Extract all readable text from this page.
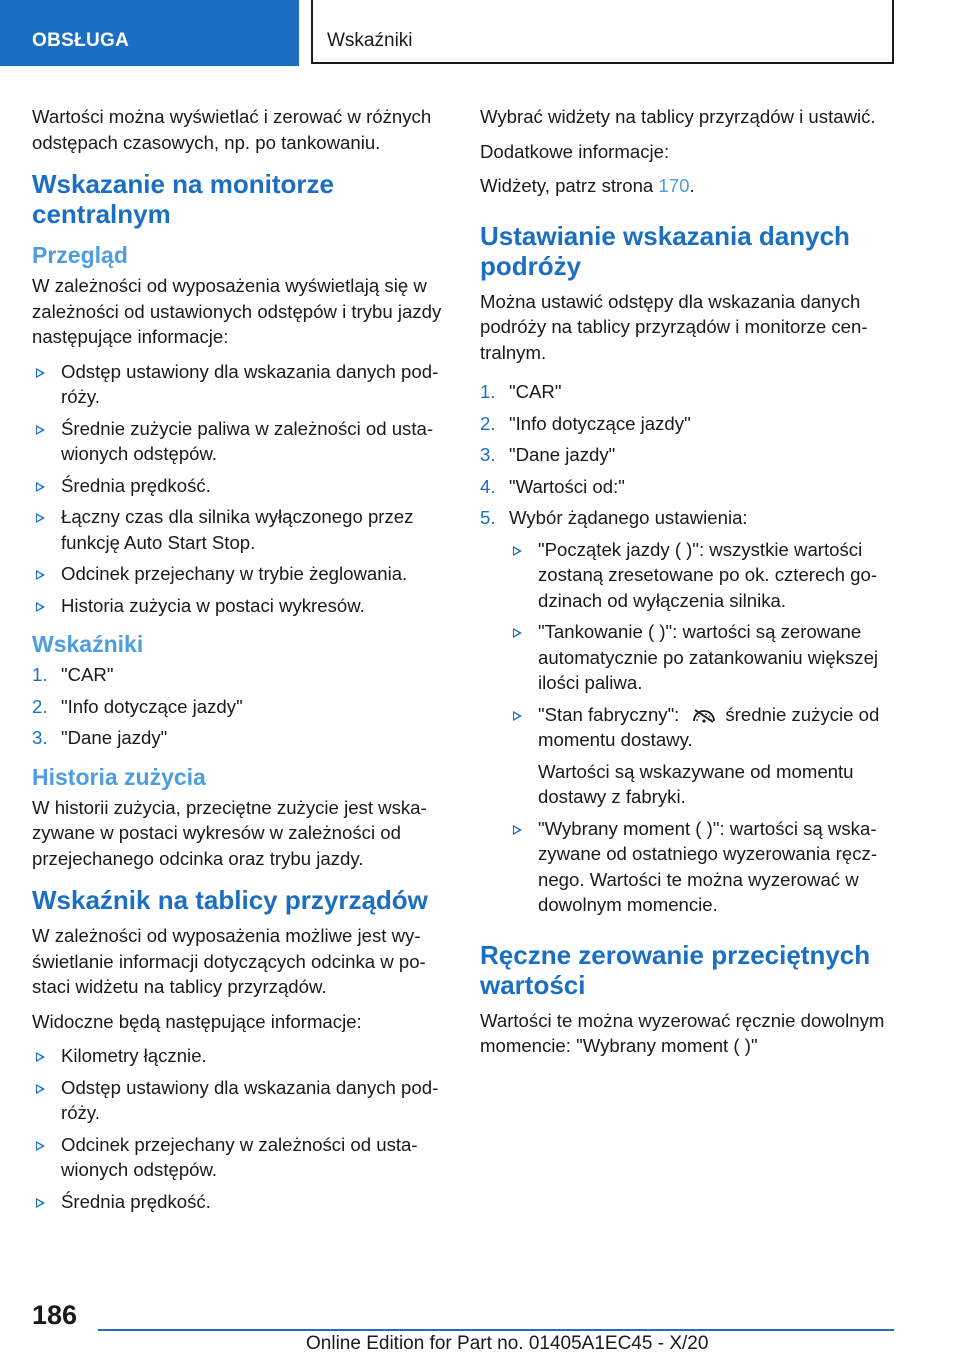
OBSŁUGA	Wskaźniki

Wartości można wyświetlać i zerować w różnych odstępach czasowych, np. po tankowaniu.

Wskazanie na monitorze centralnym
Przegląd

W zależności od wyposażenia wyświetlają się w zależności od ustawionych odstępów i trybu jazdy następujące informacje:

Odstęp ustawiony dla wskazania danych podróży.
Średnie zużycie paliwa w zależności od ustawionych odstępów.
Średnia prędkość.
Łączny czas dla silnika wyłączonego przez funkcję Auto Start Stop.
Odcinek przejechany w trybie żeglowania.
Historia zużycia w postaci wykresów.
Wskaźniki
1. "CAR"
2. "Info dotyczące jazdy"
3. "Dane jazdy"
Historia zużycia

W historii zużycia, przeciętne zużycie jest wskazywane w postaci wykresów w zależności od przejechanego odcinka oraz trybu jazdy.

Wskaźnik na tablicy przyrządów

W zależności od wyposażenia możliwe jest wyświetlanie informacji dotyczących odcinka w postaci widżetu na tablicy przyrządów.

Widoczne będą następujące informacje:

Kilometry łącznie.
Odstęp ustawiony dla wskazania danych podróży.
Odcinek przejechany w zależności od ustawionych odstępów.
Średnia prędkość.

Wybrać widżety na tablicy przyrządów i ustawić.

Dodatkowe informacje:

Widżety, patrz strona 170.

Ustawianie wskazania danych podróży

Można ustawić odstępy dla wskazania danych podróży na tablicy przyrządów i monitorze centralnym.

1. "CAR"
2. "Info dotyczące jazdy"
3. "Dane jazdy"
4. "Wartości od:"
5. Wybór żądanego ustawienia:
"Początek jazdy ( )": wszystkie wartości zostaną zresetowane po ok. czterech godzinach od wyłączenia silnika.
"Tankowanie ( )": wartości są zerowane automatycznie po zatankowaniu większej ilości paliwa.
"Stan fabryczny": średnie zużycie od momentu dostawy.
Wartości są wskazywane od momentu dostawy z fabryki.
"Wybrany moment ( )": wartości są wskazywane od ostatniego wyzerowania ręcznego. Wartości te można wyzerować w dowolnym momencie.
Ręczne zerowanie przeciętnych wartości

Wartości te można wyzerować ręcznie dowolnym momencie: "Wybrany moment ( )"

186
Online Edition for Part no. 01405A1EC45 - X/20
